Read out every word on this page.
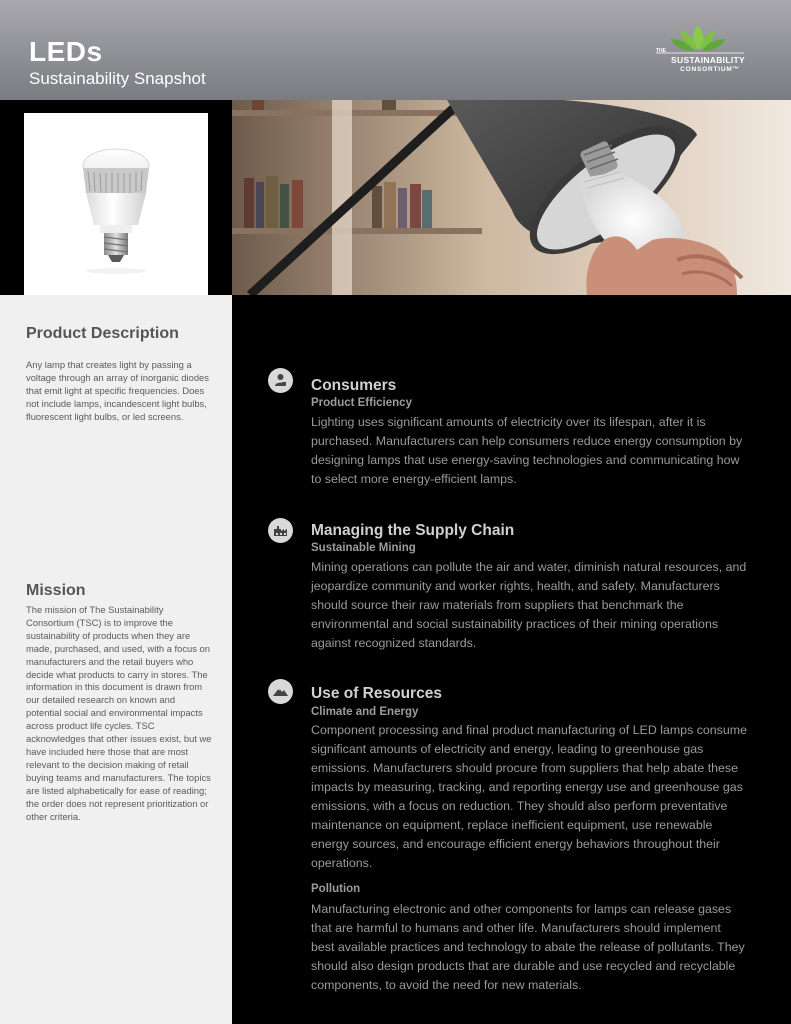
LEDs
Sustainability Snapshot
THE
SUSTAINABILITY
CONSORTIUM™
Product Description
Any lamp that creates light by passing a voltage through an array of inorganic diodes that emit light at specific frequencies. Does not include lamps, incandescent light bulbs, fluorescent light bulbs, or led screens.
Mission
The mission of The Sustainability Consortium (TSC) is to improve the sustainability of products when they are made, purchased, and used, with a focus on manufacturers and the retail buyers who decide what products to carry in stores. The information in this document is drawn from our detailed research on known and potential social and environmental impacts across product life cycles. TSC acknowledges that other issues exist, but we have included here those that are most relevant to the decision making of retail buying teams and manufacturers. The topics are listed alphabetically for ease of reading; the order does not represent prioritization or other criteria.
Consumers
Product Efficiency
Lighting uses significant amounts of electricity over its lifespan, after it is purchased. Manufacturers can help consumers reduce energy consumption by designing lamps that use energy-saving technologies and communicating how to select more energy-efficient lamps.
Managing the Supply Chain
Sustainable Mining
Mining operations can pollute the air and water, diminish natural resources, and jeopardize community and worker rights, health, and safety. Manufacturers should source their raw materials from suppliers that benchmark the environmental and social sustainability practices of their mining operations against recognized standards.
Use of Resources
Climate and Energy
Component processing and final product manufacturing of LED lamps consume significant amounts of electricity and energy, leading to greenhouse gas emissions. Manufacturers should procure from suppliers that help abate these impacts by measuring, tracking, and reporting energy use and greenhouse gas emissions, with a focus on reduction. They should also perform preventative maintenance on equipment, replace inefficient equipment, use renewable energy sources, and encourage efficient energy behaviors throughout their operations.
Pollution
Manufacturing electronic and other components for lamps can release gases that are harmful to humans and other life. Manufacturers should implement best available practices and technology to abate the release of pollutants. They should also design products that are durable and use recycled and recyclable components, to avoid the need for new materials.
